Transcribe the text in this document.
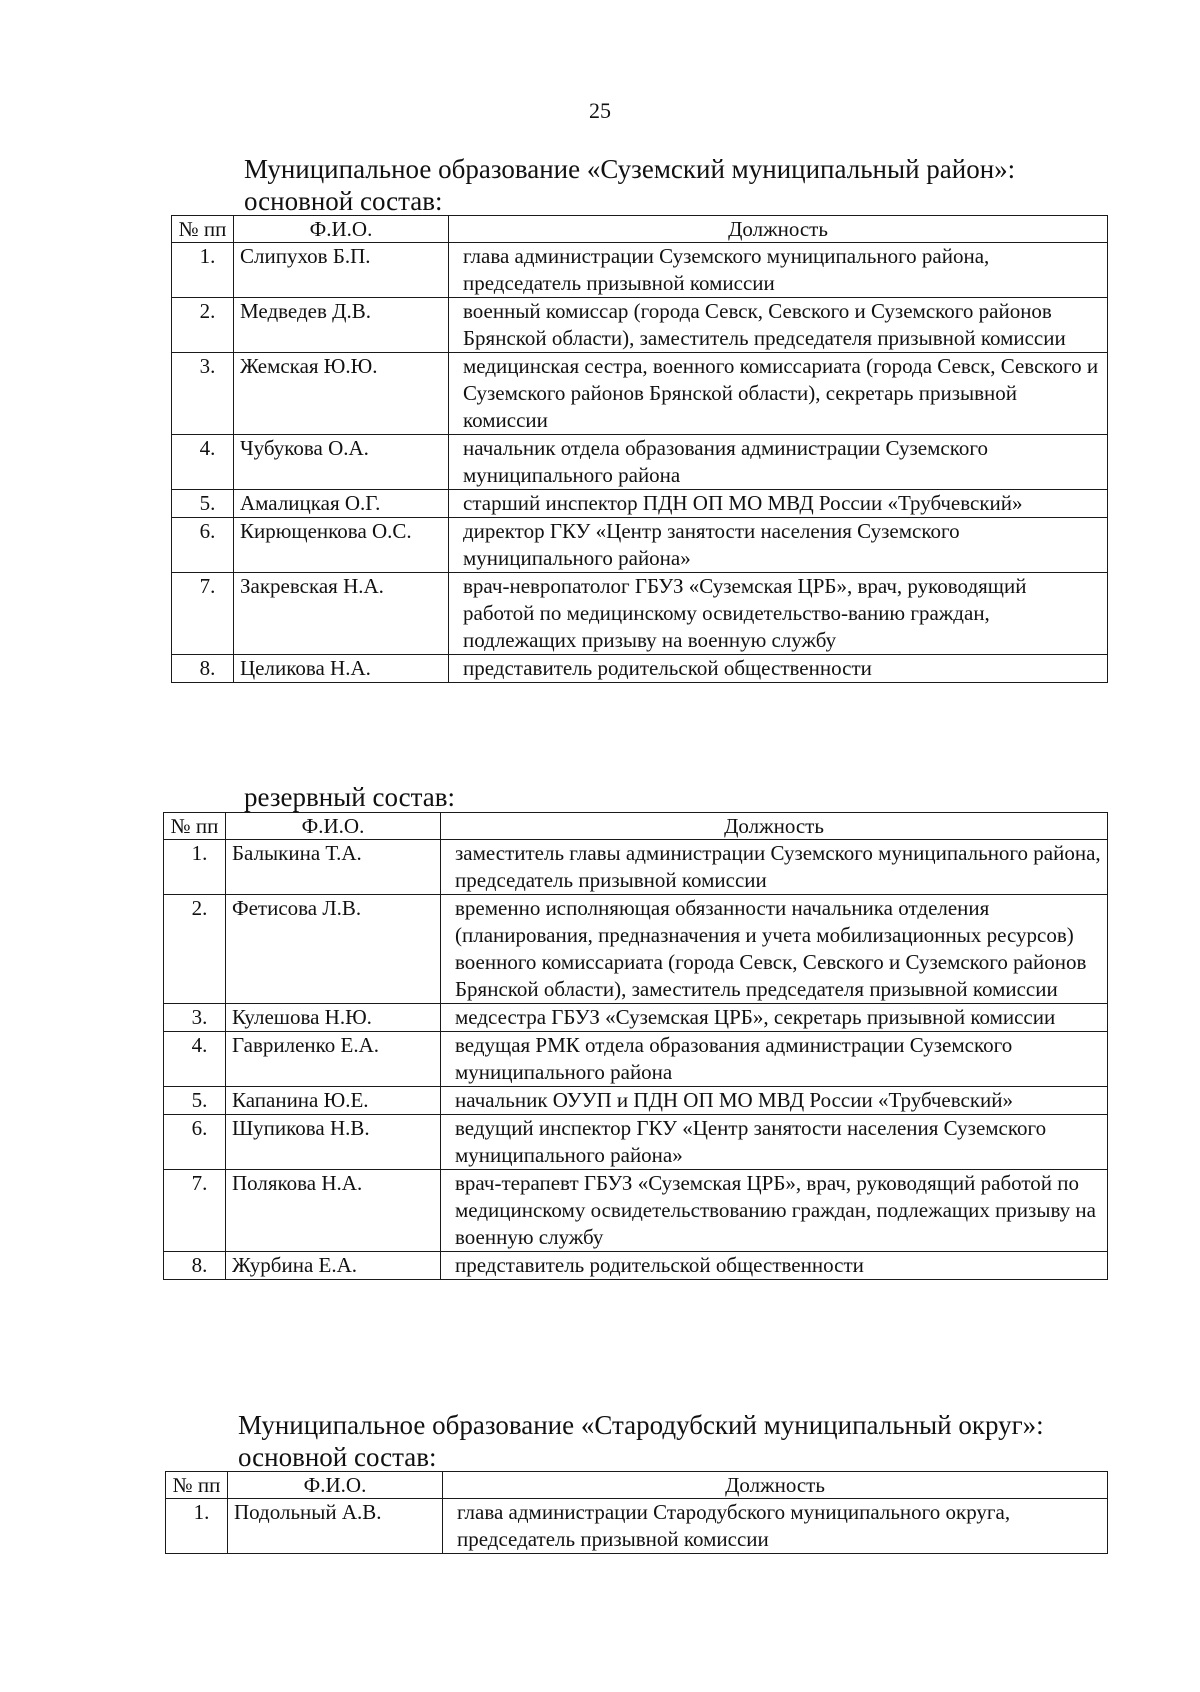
25
Муниципальное образование «Суземский муниципальный район»:
основной состав:
№ пп	Ф.И.О.	Должность
1.	Слипухов Б.П.	глава администрации Суземского муниципального района, председатель призывной комиссии
2.	Медведев Д.В.	военный комиссар (города Севск, Севского и Суземского районов Брянской области), заместитель председателя призывной комиссии
3.	Жемская Ю.Ю.	медицинская сестра, военного комиссариата (города Севск, Севского и Суземского районов Брянской области), секретарь призывной комиссии
4.	Чубукова О.А.	начальник отдела образования администрации Суземского муниципального района
5.	Амалицкая О.Г.	старший инспектор ПДН ОП МО МВД России «Трубчевский»
6.	Кирющенкова О.С.	директор ГКУ «Центр занятости населения Суземского муниципального района»
7.	Закревская Н.А.	врач-невропатолог ГБУЗ «Суземская ЦРБ», врач, руководящий работой по медицинскому освидетельство-ванию граждан, подлежащих призыву на военную службу
8.	Целикова Н.А.	представитель родительской общественности
резервный состав:
№ пп	Ф.И.О.	Должность
1.	Балыкина Т.А.	заместитель главы администрации Суземского муниципального района, председатель призывной комиссии
2.	Фетисова Л.В.	временно исполняющая обязанности начальника отделения (планирования, предназначения и учета мобилизационных ресурсов) военного комиссариата (города Севск, Севского и Суземского районов Брянской области), заместитель председателя призывной комиссии
3.	Кулешова Н.Ю.	медсестра ГБУЗ «Суземская ЦРБ», секретарь призывной комиссии
4.	Гавриленко Е.А.	ведущая РМК отдела образования администрации Суземского муниципального района
5.	Капанина Ю.Е.	начальник ОУУП и ПДН ОП МО МВД России «Трубчевский»
6.	Шупикова Н.В.	ведущий инспектор ГКУ «Центр занятости населения Суземского муниципального района»
7.	Полякова Н.А.	врач-терапевт ГБУЗ «Суземская ЦРБ», врач, руководящий работой по медицинскому освидетельствованию граждан, подлежащих призыву на военную службу
8.	Журбина Е.А.	представитель родительской общественности
Муниципальное образование «Стародубский муниципальный округ»:
основной состав:
№ пп	Ф.И.О.	Должность
1.	Подольный А.В.	глава администрации Стародубского муниципального округа, председатель призывной комиссии
